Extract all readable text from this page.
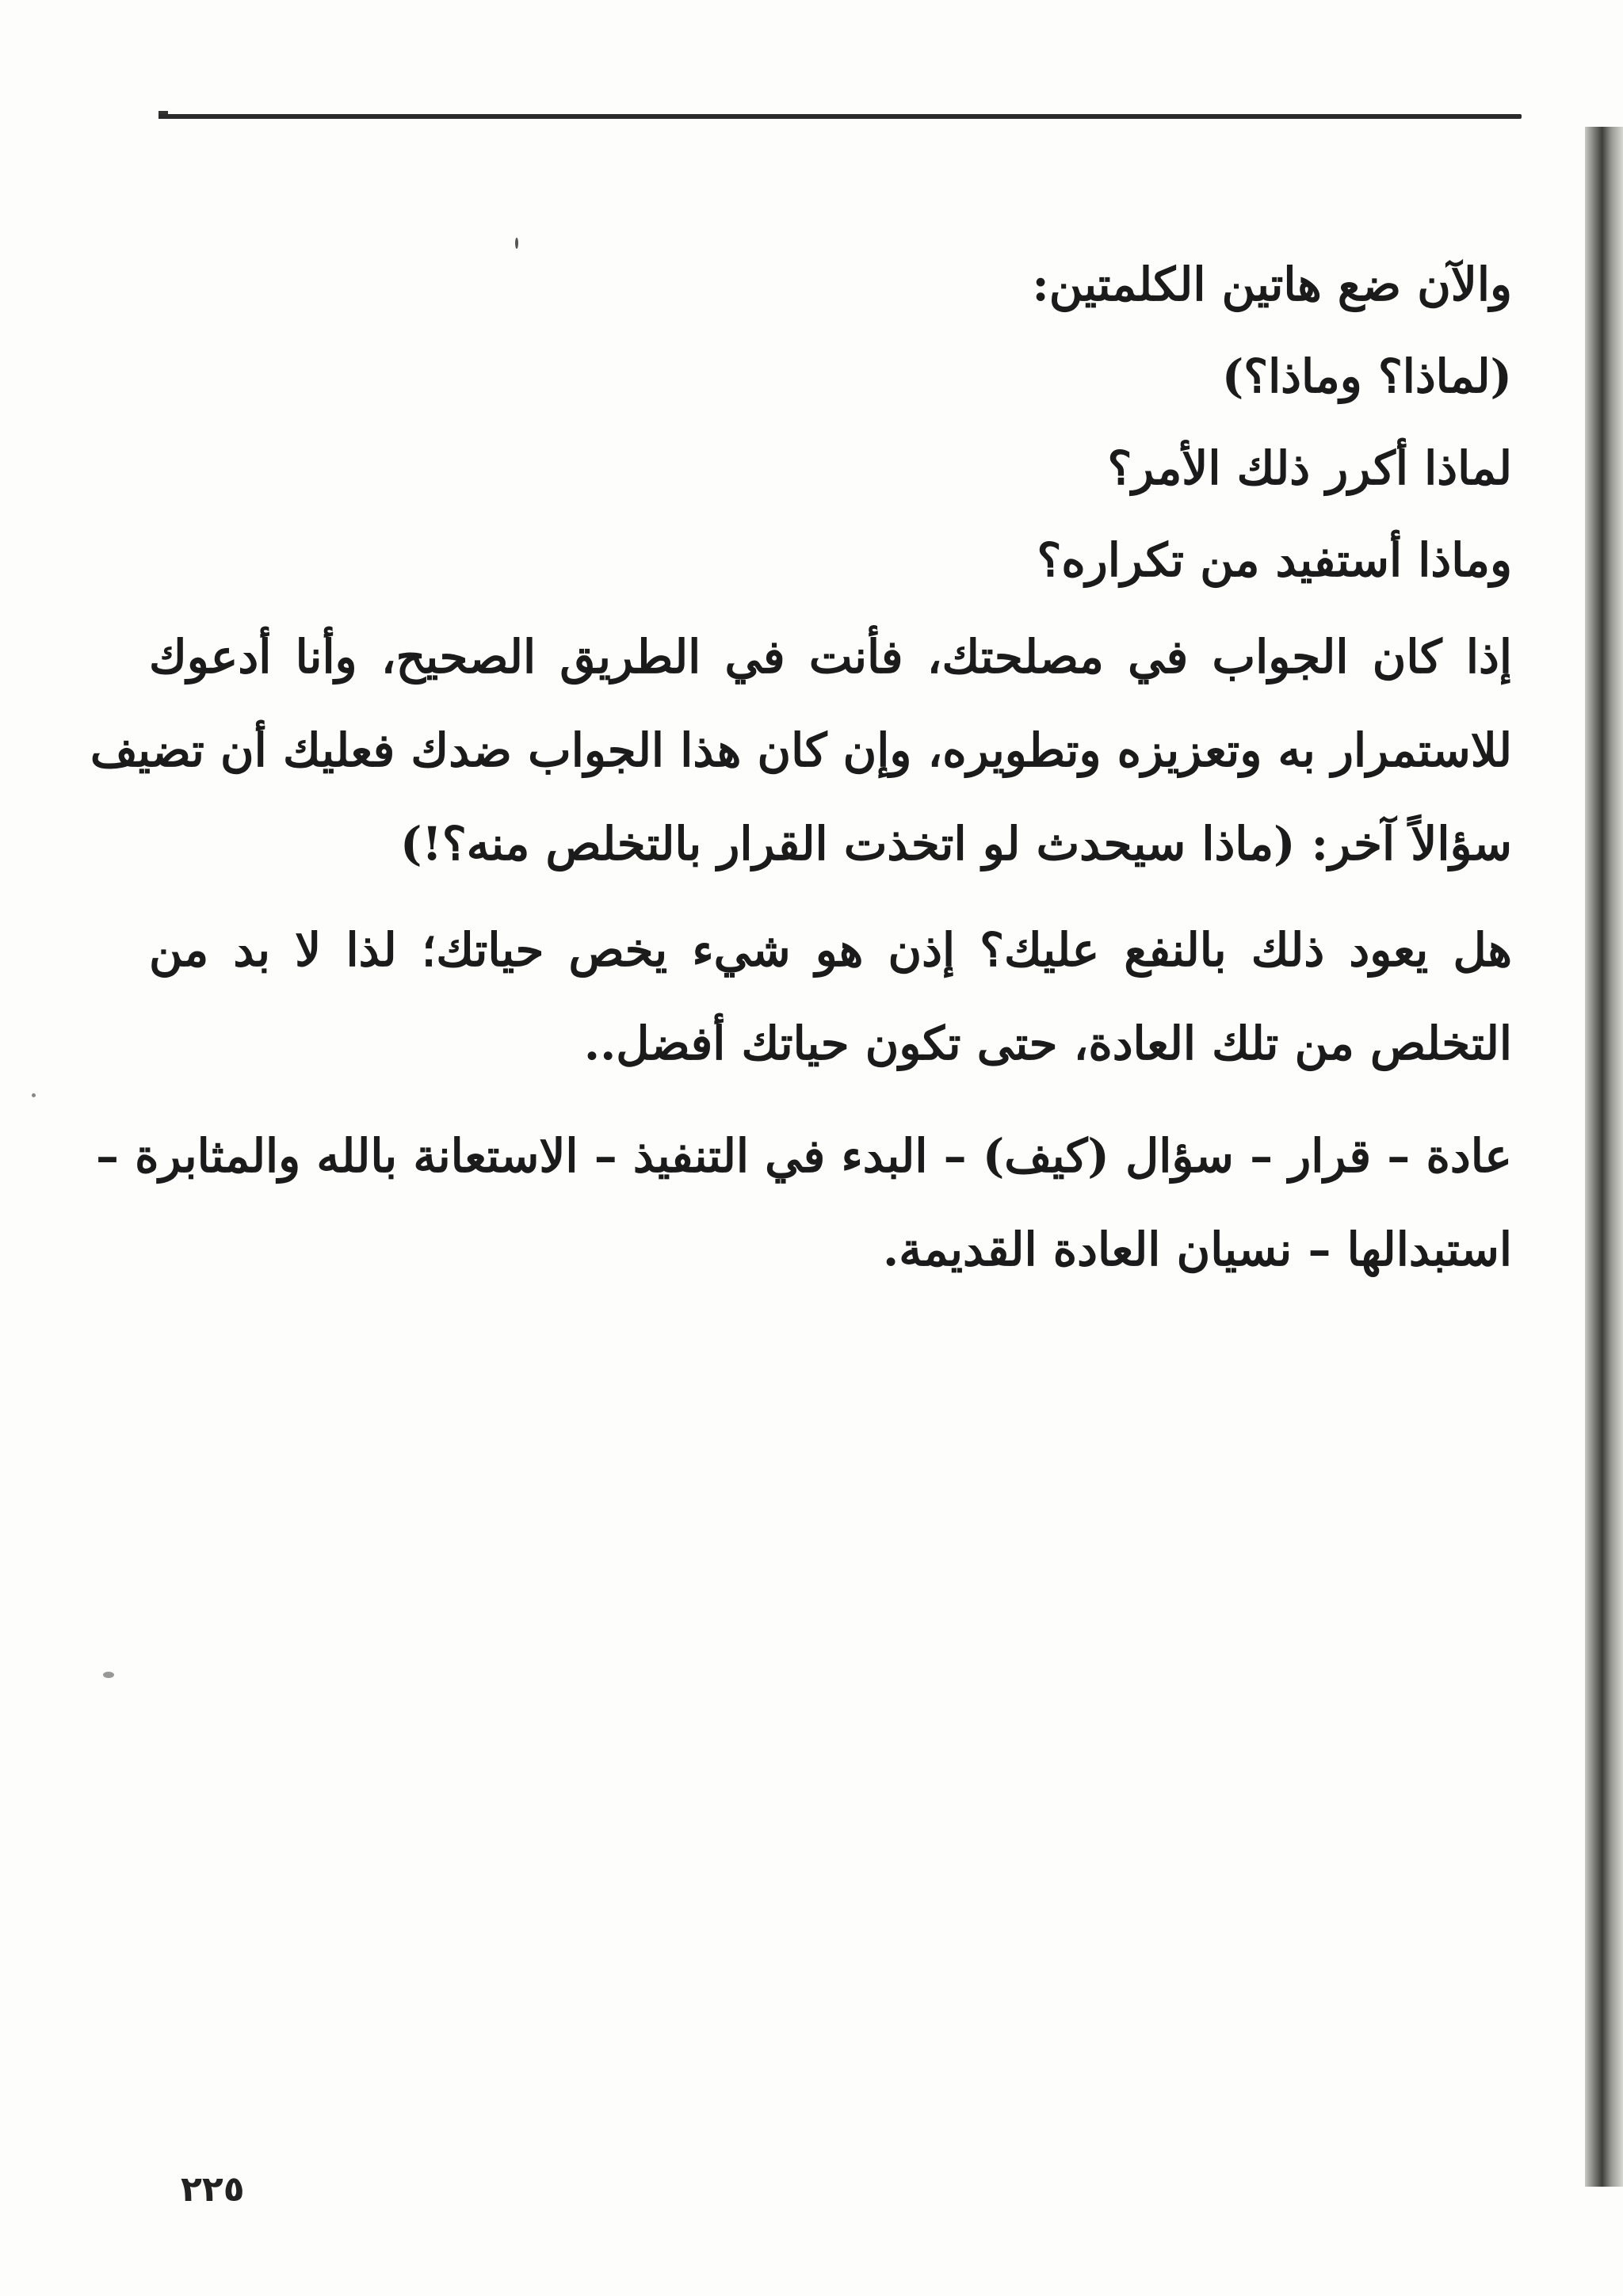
والآن ضع هاتين الكلمتين:
(لماذا؟ وماذا؟)
لماذا أكرر ذلك الأمر؟
وماذا أستفيد من تكراره؟
إذا كان الجواب في مصلحتك، فأنت في الطريق الصحيح، وأنا أدعوك
للاستمرار به وتعزيزه وتطويره، وإن كان هذا الجواب ضدك فعليك أن تضيف
سؤالاً آخر: (ماذا سيحدث لو اتخذت القرار بالتخلص منه؟!)
هل يعود ذلك بالنفع عليك؟ إذن هو شيء يخص حياتك؛ لذا لا بد من
التخلص من تلك العادة، حتى تكون حياتك أفضل..
عادة – قرار – سؤال (كيف) – البدء في التنفيذ – الاستعانة بالله والمثابرة –
استبدالها – نسيان العادة القديمة.
٢٢٥
